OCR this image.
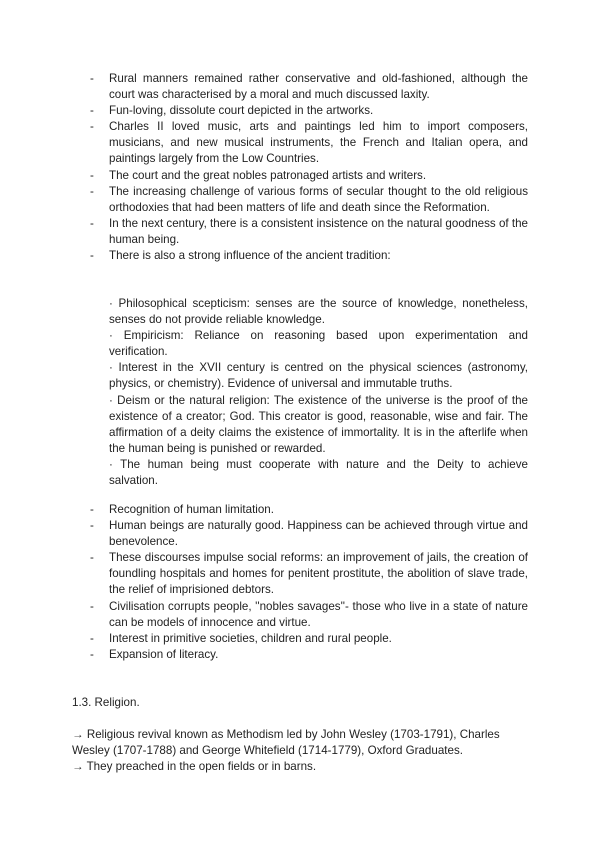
-	Rural manners remained rather conservative and old-fashioned, although the court was characterised by a moral and much discussed laxity.
-	Fun-loving, dissolute court depicted in the artworks.
-	Charles II loved music, arts and paintings led him to import composers, musicians, and new musical instruments, the French and Italian opera, and paintings largely from the Low Countries.
-	The court and the great nobles patronaged artists and writers.
-	The increasing challenge of various forms of secular thought to the old religious orthodoxies that had been matters of life and death since the Reformation.
-	In the next century, there is a consistent insistence on the natural goodness of the human being.
-	There is also a strong influence of the ancient tradition:
· Philosophical scepticism: senses are the source of knowledge, nonetheless, senses do not provide reliable knowledge.
· Empiricism: Reliance on reasoning based upon experimentation and verification.
· Interest in the XVII century is centred on the physical sciences (astronomy, physics, or chemistry). Evidence of universal and immutable truths.
· Deism or the natural religion: The existence of the universe is the proof of the existence of a creator; God. This creator is good, reasonable, wise and fair. The affirmation of a deity claims the existence of immortality. It is in the afterlife when the human being is punished or rewarded.
· The human being must cooperate with nature and the Deity to achieve salvation.
-	Recognition of human limitation.
-	Human beings are naturally good. Happiness can be achieved through virtue and benevolence.
-	These discourses impulse social reforms: an improvement of jails, the creation of foundling hospitals and homes for penitent prostitute, the abolition of slave trade, the relief of imprisioned debtors.
-	Civilisation corrupts people, ''nobles savages''- those who live in a state of nature can be models of innocence and virtue.
-	Interest in primitive societies, children and rural people.
-	Expansion of literacy.
1.3. Religion.
→ Religious revival known as Methodism led by John Wesley (1703-1791), Charles Wesley (1707-1788) and George Whitefield (1714-1779), Oxford Graduates.
→ They preached in the open fields or in barns.
